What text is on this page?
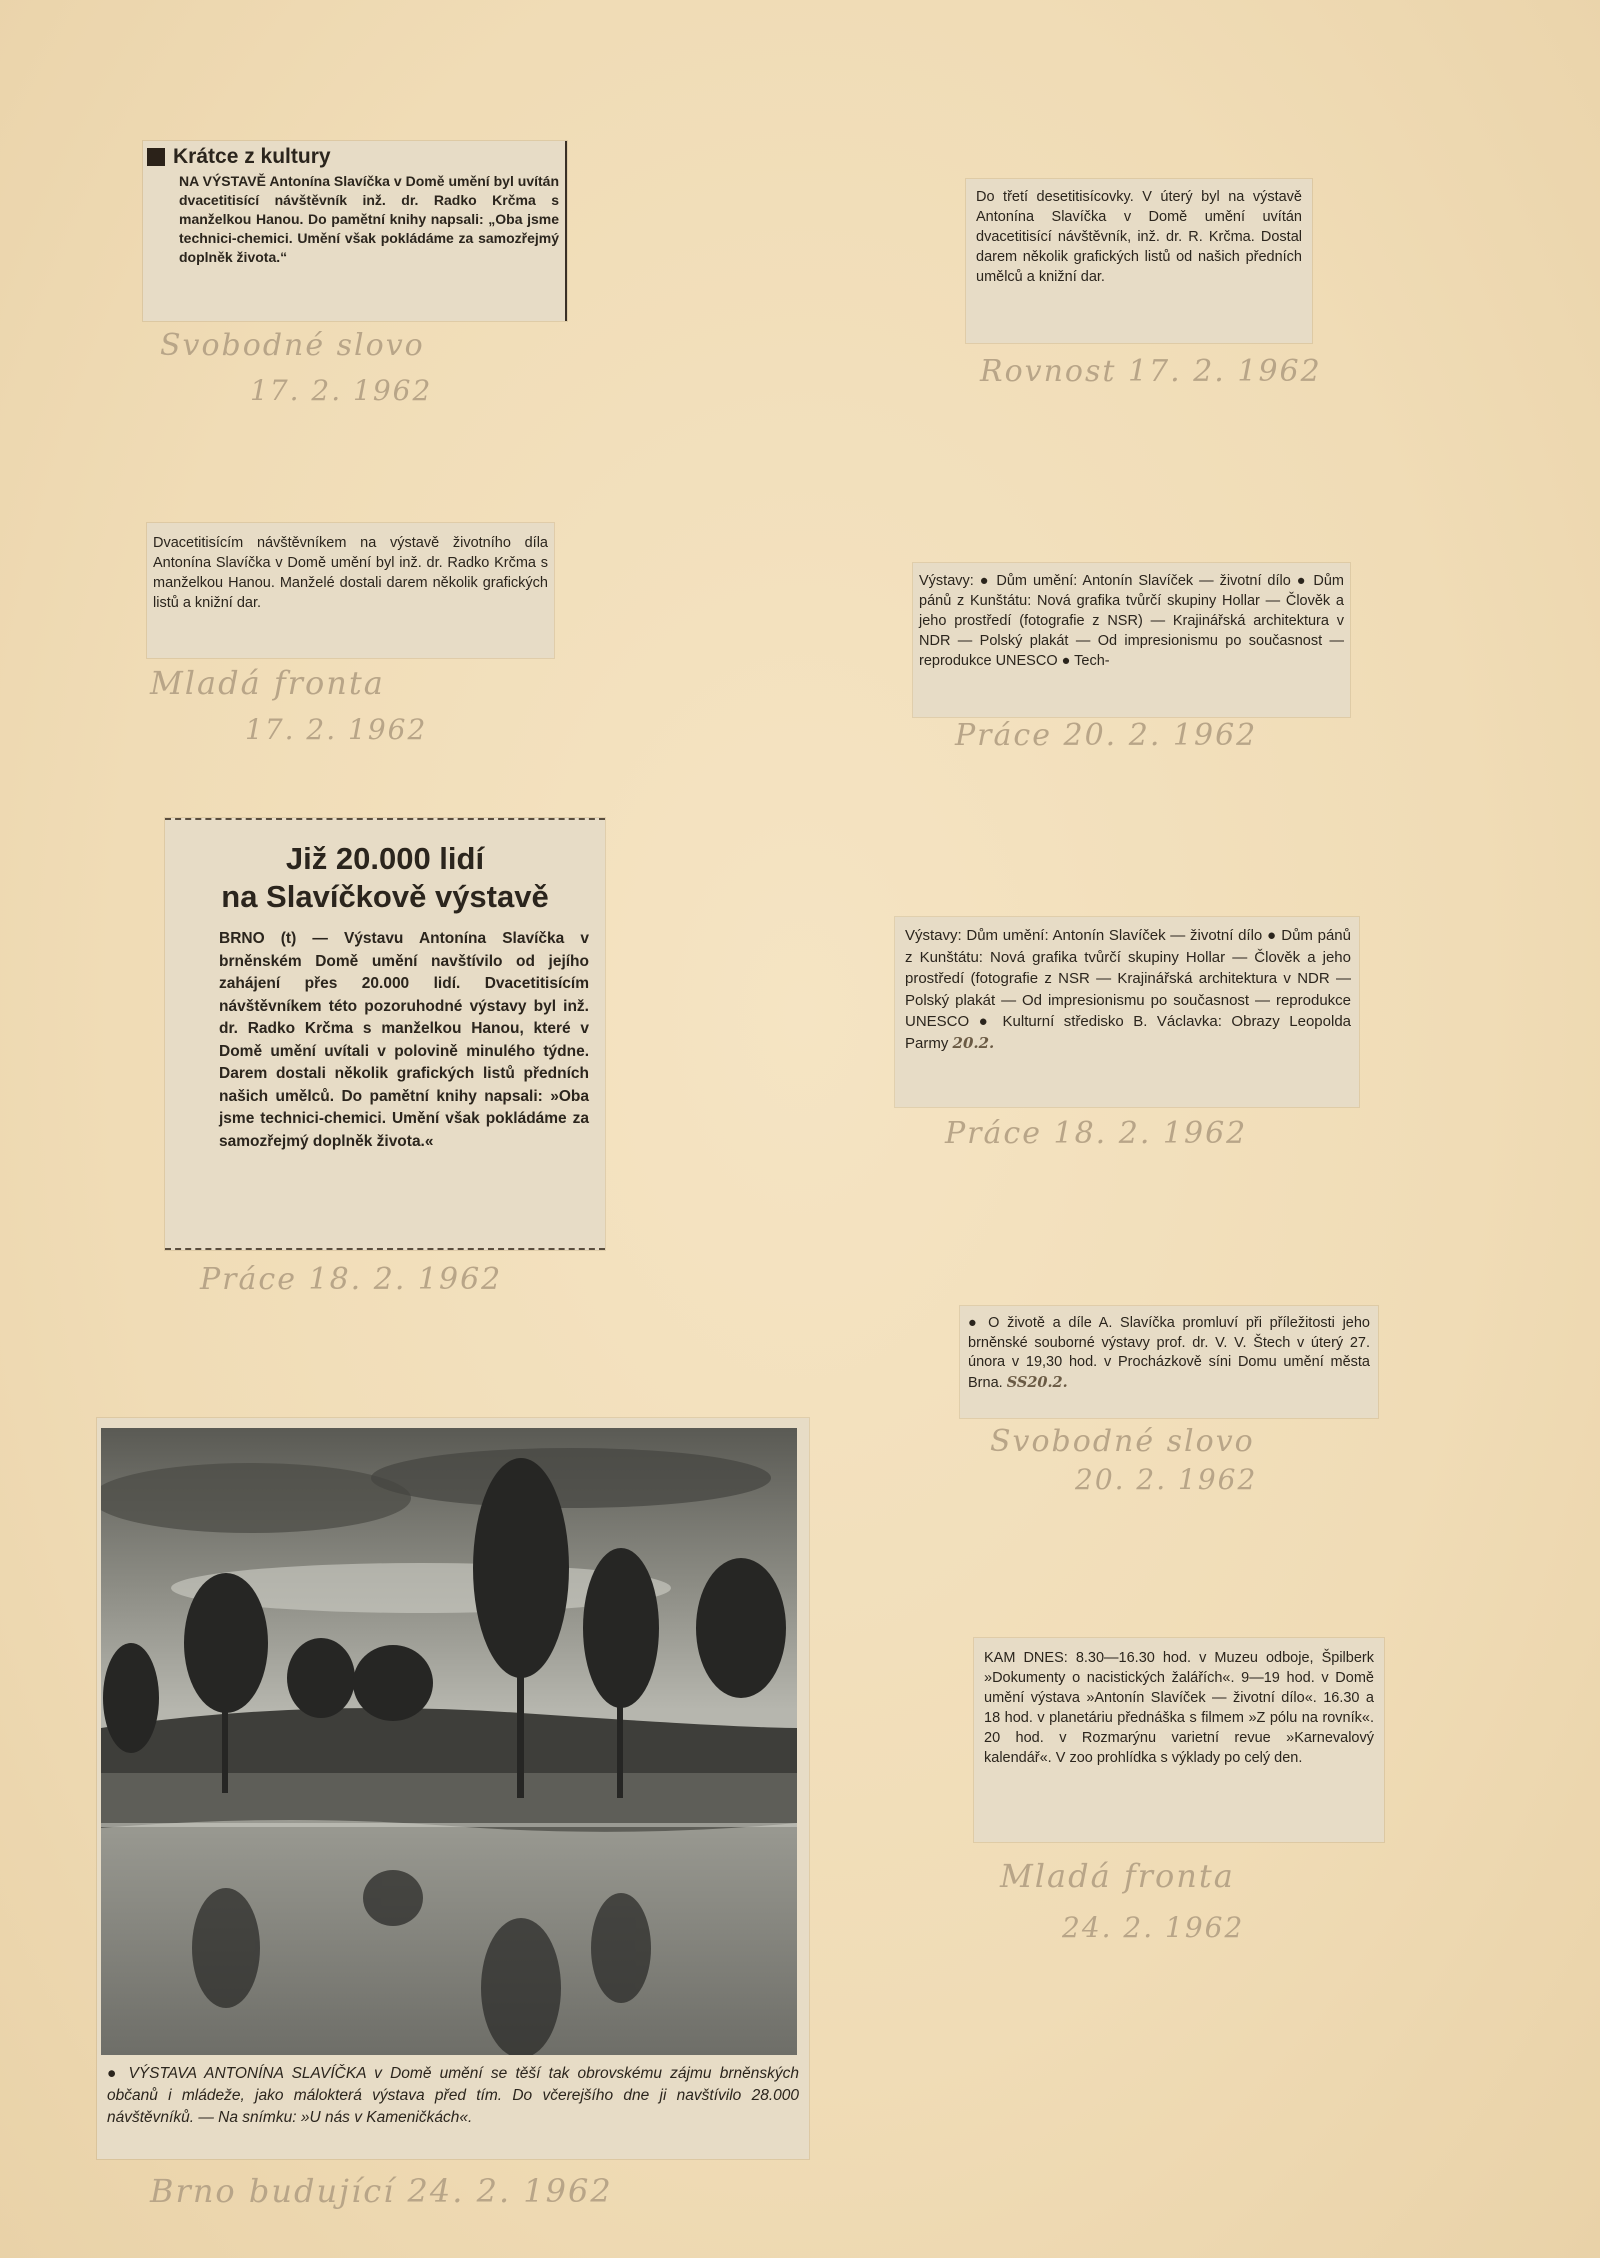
Krátce z kultury

NA VÝSTAVĚ Antonína Slavíčka v Domě umění byl uvítán dvacetitisící návštěvník inž. dr. Radko Krčma s manželkou Hanou. Do pamětní knihy napsali: „Oba jsme technici-chemici. Umění však pokládáme za samozřejmý doplněk života.“

Svobodné slovo
17. 2. 1962

Do třetí desetitisícovky. V úterý byl na výstavě Antonína Slavíčka v Domě umění uvítán dvacetitisící návštěvník, inž. dr. R. Krčma. Dostal darem několik grafických listů od našich předních umělců a knižní dar.

Rovnost 17. 2. 1962

Dvacetitisícím návštěvníkem na výstavě životního díla Antonína Slavíčka v Domě umění byl inž. dr. Radko Krčma s manželkou Hanou. Manželé dostali darem několik grafických listů a knižní dar.

Mladá fronta
17. 2. 1962

Výstavy: ● Dům umění: Antonín Slavíček — životní dílo ● Dům pánů z Kunštátu: Nová grafika tvůrčí skupiny Hollar — Člověk a jeho prostředí (fotografie z NSR) — Krajinářská architektura v NDR — Polský plakát — Od impresionismu po současnost — reprodukce UNESCO ● Tech-

Práce 20. 2. 1962
Již 20.000 lidí
na Slavíčkově výstavě

BRNO (t) — Výstavu Antonína Slavíčka v brněnském Domě umění navštívilo od jejího zahájení přes 20.000 lidí. Dvacetitisícím návštěvníkem této pozoruhodné výstavy byl inž. dr. Radko Krčma s manželkou Hanou, které v Domě umění uvítali v polovině minulého týdne. Darem dostali několik grafických listů předních našich umělců. Do pamětní knihy napsali: »Oba jsme technici-chemici. Umění však pokládáme za samozřejmý doplněk života.«

Práce 18. 2. 1962

Výstavy: Dům umění: Antonín Slavíček — životní dílo ● Dům pánů z Kunštátu: Nová grafika tvůrčí skupiny Hollar — Člověk a jeho prostředí (fotografie z NSR — Krajinářská architektura v NDR — Polský plakát — Od impresionismu po současnost — reprodukce UNESCO ● Kulturní středisko B. Václavka: Obrazy Leopolda Parmy 20.2.

Práce 18. 2. 1962

● O životě a díle A. Slavíčka promluví při příležitosti jeho brněnské souborné výstavy prof. dr. V. V. Štech v úterý 27. února v 19,30 hod. v Procházkově síni Domu umění města Brna. SS20.2.

Svobodné slovo
20. 2. 1962

KAM DNES: 8.30—16.30 hod. v Muzeu odboje, Špilberk »Dokumenty o nacistických žalářích«. 9—19 hod. v Domě umění výstava »Antonín Slavíček — životní dílo«. 16.30 a 18 hod. v planetáriu přednáška s filmem »Z pólu na rovník«. 20 hod. v Rozmarýnu varietní revue »Karnevalový kalendář«. V zoo prohlídka s výklady po celý den.

Mladá fronta
24. 2. 1962

● VÝSTAVA ANTONÍNA SLAVÍČKA v Domě umění se těší tak obrovskému zájmu brněnských občanů i mládeže, jako málokterá výstava před tím. Do včerejšího dne ji navštívilo 28.000 návštěvníků. — Na snímku: »U nás v Kameničkách«.

Brno budující 24. 2. 1962
